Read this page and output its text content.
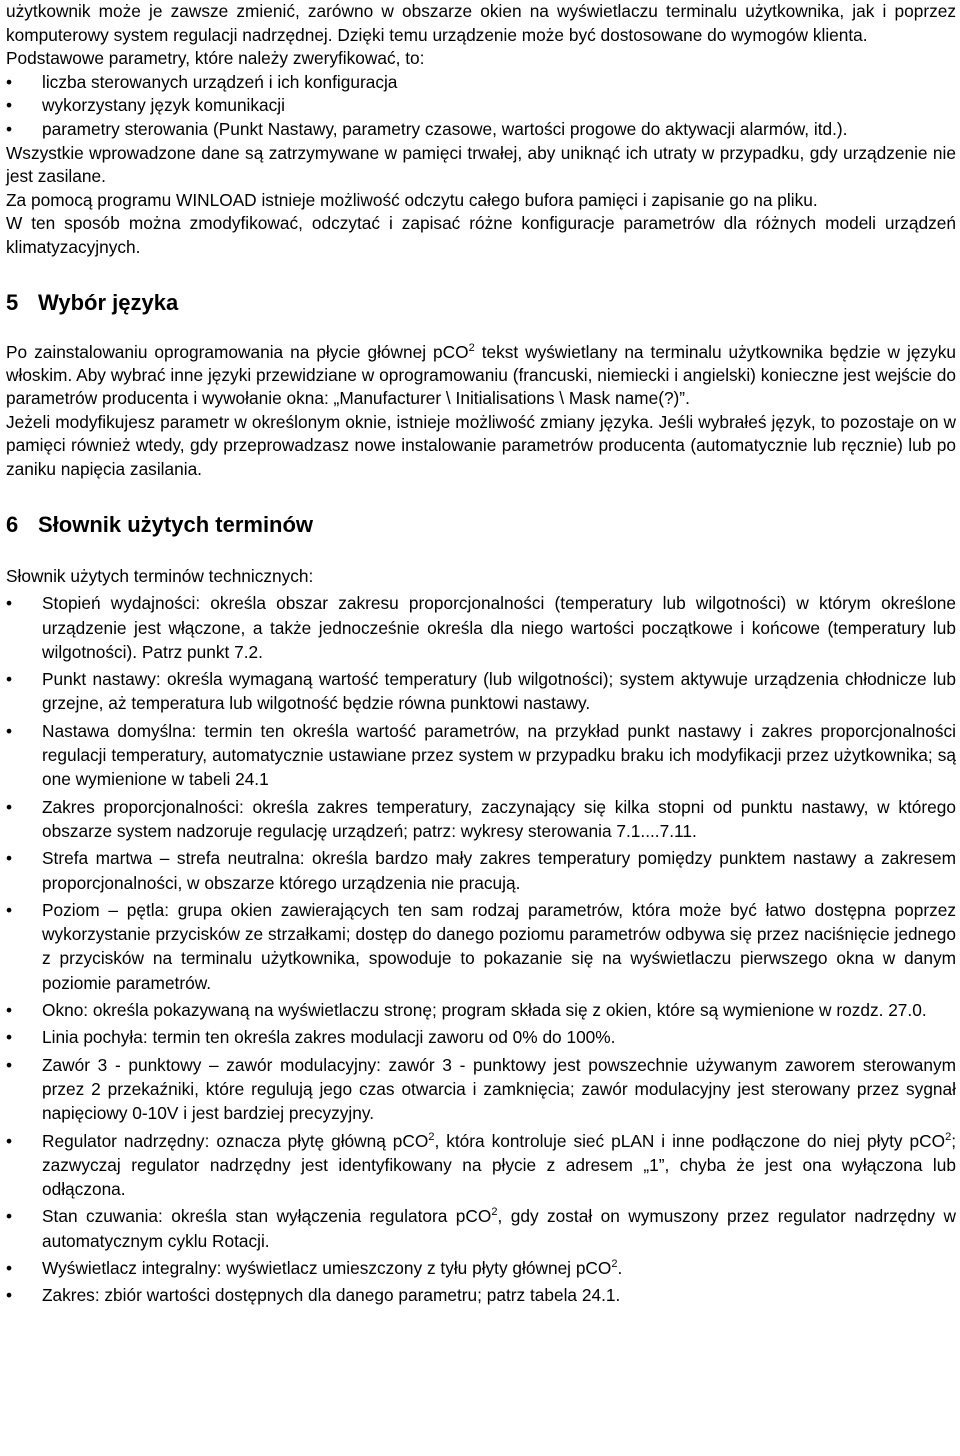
użytkownik może je zawsze zmienić, zarówno w obszarze okien na wyświetlaczu terminalu użytkownika, jak i poprzez komputerowy system regulacji nadrzędnej. Dzięki temu urządzenie może być dostosowane do wymogów klienta.

Podstawowe parametry, które należy zweryfikować, to:

• liczba sterowanych urządzeń i ich konfiguracja
• wykorzystany język komunikacji
• parametry sterowania (Punkt Nastawy, parametry czasowe, wartości progowe do aktywacji alarmów, itd.).

Wszystkie wprowadzone dane są zatrzymywane w pamięci trwałej, aby uniknąć ich utraty w przypadku, gdy urządzenie nie jest zasilane.

Za pomocą programu WINLOAD istnieje możliwość odczytu całego bufora pamięci i zapisanie go na pliku.

W ten sposób można zmodyfikować, odczytać i zapisać różne konfiguracje parametrów dla różnych modeli urządzeń klimatyzacyjnych.

5 Wybór języka

Po zainstalowaniu oprogramowania na płycie głównej pCO$^2$ tekst wyświetlany na terminalu użytkownika będzie w języku włoskim. Aby wybrać inne języki przewidziane w oprogramowaniu (francuski, niemiecki i angielski) konieczne jest wejście do parametrów producenta i wywołanie okna: „Manufacturer \ Initialisations \ Mask name(?)”.

Jeżeli modyfikujesz parametr w określonym oknie, istnieje możliwość zmiany języka. Jeśli wybrałeś język, to pozostaje on w pamięci również wtedy, gdy przeprowadzasz nowe instalowanie parametrów producenta (automatycznie lub ręcznie) lub po zaniku napięcia zasilania.

6 Słownik użytych terminów

Słownik użytych terminów technicznych:

• Stopień wydajności: określa obszar zakresu proporcjonalności (temperatury lub wilgotności) w którym określone urządzenie jest włączone, a także jednocześnie określa dla niego wartości początkowe i końcowe (temperatury lub wilgotności). Patrz punkt 7.2.
• Punkt nastawy: określa wymaganą wartość temperatury (lub wilgotności); system aktywuje urządzenia chłodnicze lub grzejne, aż temperatura lub wilgotność będzie równa punktowi nastawy.
• Nastawa domyślna: termin ten określa wartość parametrów, na przykład punkt nastawy i zakres proporcjonalności regulacji temperatury, automatycznie ustawiane przez system w przypadku braku ich modyfikacji przez użytkownika; są one wymienione w tabeli 24.1
• Zakres proporcjonalności: określa zakres temperatury, zaczynający się kilka stopni od punktu nastawy, w którego obszarze system nadzoruje regulację urządzeń; patrz: wykresy sterowania 7.1....7.11.
• Strefa martwa – strefa neutralna: określa bardzo mały zakres temperatury pomiędzy punktem nastawy a zakresem proporcjonalności, w obszarze którego urządzenia nie pracują.
• Poziom – pętla: grupa okien zawierających ten sam rodzaj parametrów, która może być łatwo dostępna poprzez wykorzystanie przycisków ze strzałkami; dostęp do danego poziomu parametrów odbywa się przez naciśnięcie jednego z przycisków na terminalu użytkownika, spowoduje to pokazanie się na wyświetlaczu pierwszego okna w danym poziomie parametrów.
• Okno: określa pokazywaną na wyświetlaczu stronę; program składa się z okien, które są wymienione w rozdz. 27.0.
• Linia pochyła: termin ten określa zakres modulacji zaworu od 0% do 100%.
• Zawór 3 - punktowy – zawór modulacyjny: zawór 3 - punktowy jest powszechnie używanym zaworem sterowanym przez 2 przekaźniki, które regulują jego czas otwarcia i zamknięcia; zawór modulacyjny jest sterowany przez sygnał napięciowy 0-10V i jest bardziej precyzyjny.
• Regulator nadrzędny: oznacza płytę główną pCO$^2$, która kontroluje sieć pLAN i inne podłączone do niej płyty pCO$^2$; zazwyczaj regulator nadrzędny jest identyfikowany na płycie z adresem „1”, chyba że jest ona wyłączona lub odłączona.
• Stan czuwania: określa stan wyłączenia regulatora pCO$^2$, gdy został on wymuszony przez regulator nadrzędny w automatycznym cyklu Rotacji.
• Wyświetlacz integralny: wyświetlacz umieszczony z tyłu płyty głównej pCO$^2$.
• Zakres: zbiór wartości dostępnych dla danego parametru; patrz tabela 24.1.
